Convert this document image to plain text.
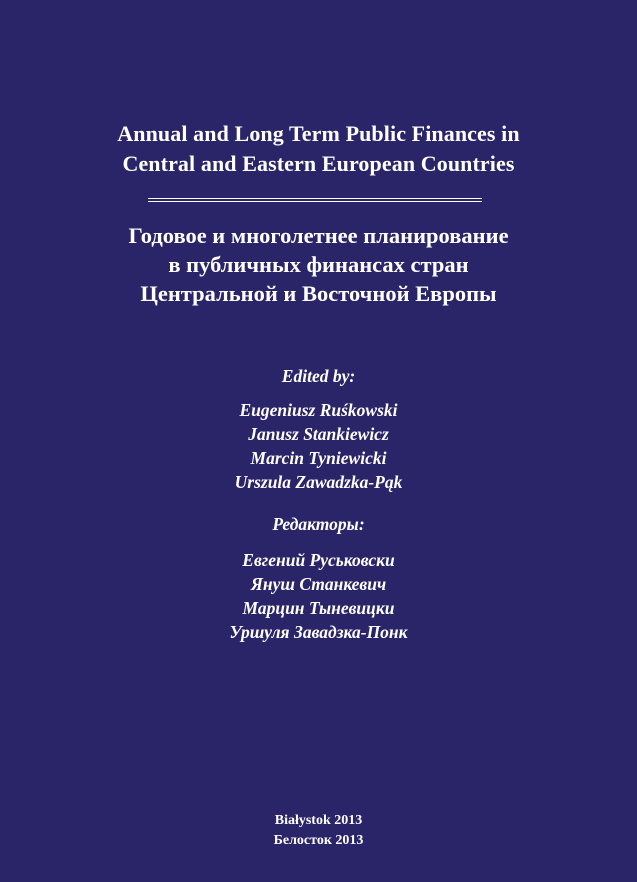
Annual and Long Term Public Finances in
Central and Eastern European Countries
Годовое и многолетнее планирование
в публичных финансах стран
Центральной и Восточной Европы
Edited by:
Eugeniusz Ruśkowski
Janusz Stankiewicz
Marcin Tyniewicki
Urszula Zawadzka-Pąk
Редакторы:
Евгений Руськовски
Януш Станкевич
Марцин Тыневицки
Уршуля Завадзка-Понк
Białystok 2013
Белосток 2013
